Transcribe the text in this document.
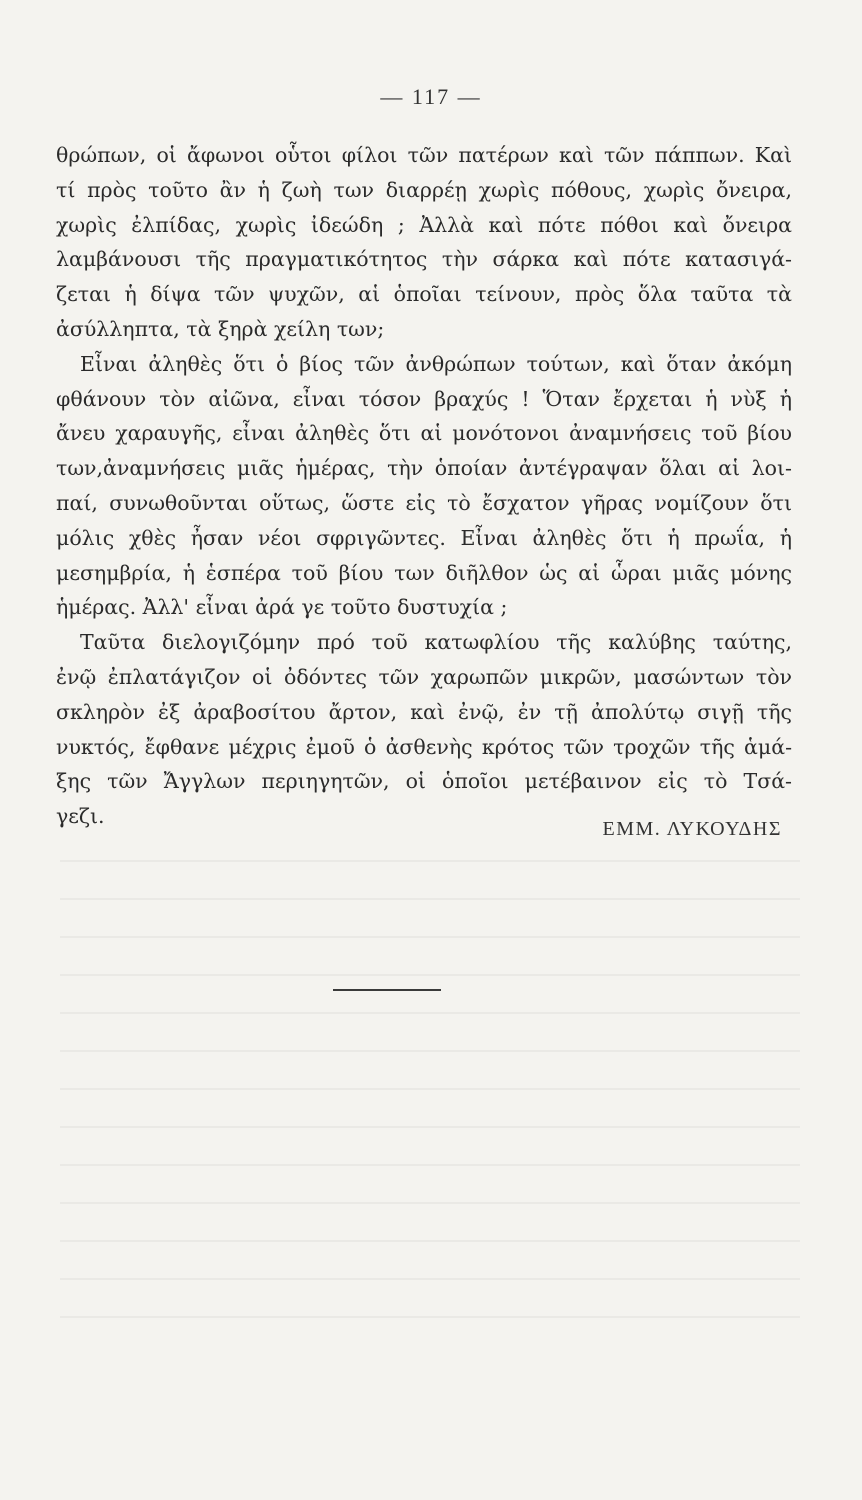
— 117 —
θρώπων, οἱ ἄφωνοι οὗτοι φίλοι τῶν πατέρων καὶ τῶν πάππων. Καὶ
τί πρὸς τοῦτο ἂν ἡ ζωὴ των διαρρέῃ χωρὶς πόθους, χωρὶς ὄνειρα,
χωρὶς ἐλπίδας, χωρὶς ἰδεώδη ; Ἀλλὰ καὶ πότε πόθοι καὶ ὄνειρα
λαμβάνουσι τῆς πραγματικότητος τὴν σάρκα καὶ πότε κατασιγά-
ζεται ἡ δίψα τῶν ψυχῶν, αἱ ὁποῖαι τείνουν, πρὸς ὅλα ταῦτα τὰ
ἀσύλληπτα, τὰ ξηρὰ χείλη των;
Εἶναι ἀληθὲς ὅτι ὁ βίος τῶν ἀνθρώπων τούτων, καὶ ὅταν ἀκόμη
φθάνουν τὸν αἰῶνα, εἶναι τόσον βραχύς ! Ὅταν ἔρχεται ἡ νὺξ ἡ
ἄνευ χαραυγῆς, εἶναι ἀληθὲς ὅτι αἱ μονότονοι ἀναμνήσεις τοῦ βίου
των,ἀναμνήσεις μιᾶς ἡμέρας, τὴν ὁποίαν ἀντέγραψαν ὅλαι αἱ λοι-
παί, συνωθοῦνται οὕτως, ὥστε εἰς τὸ ἔσχατον γῆρας νομίζουν ὅτι
μόλις χθὲς ἦσαν νέοι σφριγῶντες. Εἶναι ἀληθὲς ὅτι ἡ πρωΐα, ἡ
μεσημβρία, ἡ ἑσπέρα τοῦ βίου των διῆλθον ὡς αἱ ὧραι μιᾶς μόνης
ἡμέρας. Ἀλλ' εἶναι ἀρά γε τοῦτο δυστυχία ;
Ταῦτα διελογιζόμην πρό τοῦ κατωφλίου τῆς καλύβης ταύτης,
ἐνῷ ἐπλατάγιζον οἱ ὀδόντες τῶν χαρωπῶν μικρῶν, μασώντων τὸν
σκληρὸν ἐξ ἀραβοσίτου ἄρτον, καὶ ἐνῷ, ἐν τῇ ἀπολύτῳ σιγῇ τῆς
νυκτός, ἔφθανε μέχρις ἐμοῦ ὁ ἀσθενὴς κρότος τῶν τροχῶν τῆς ἁμά-
ξης τῶν Ἄγγλων περιηγητῶν, οἱ ὁποῖοι μετέβαινον εἰς τὸ Τσά-
γεζι.
ΕΜΜ. ΛΥΚΟΥΔΗΣ
